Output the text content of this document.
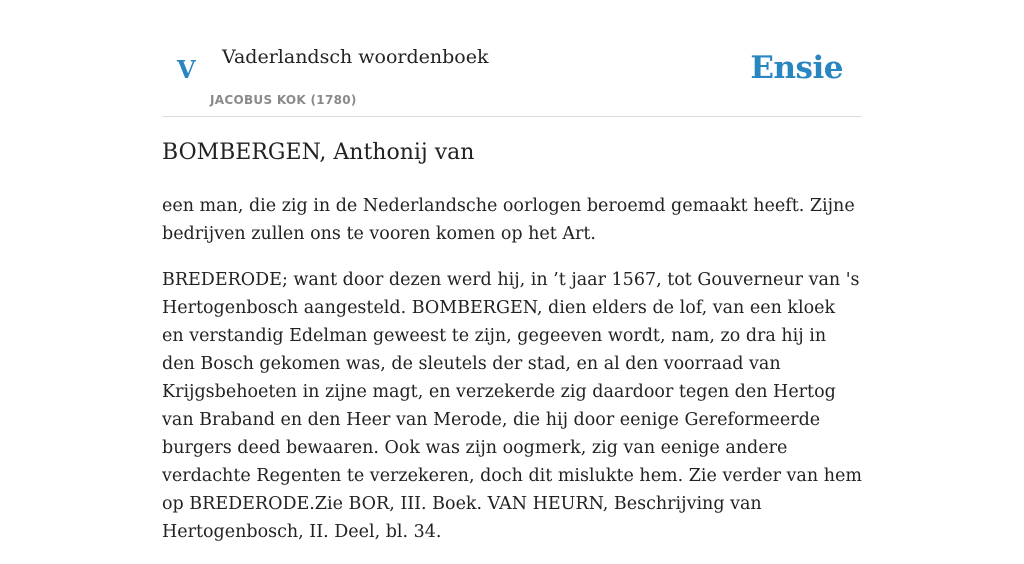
V Vaderlandsch woordenboek
JACOBUS KOK (1780)
Ensie
BOMBERGEN, Anthonij van

een man, die zig in de Nederlandsche oorlogen beroemd gemaakt heeft. Zijne bedrijven zullen ons te vooren komen op het Art.

BREDERODE; want door dezen werd hij, in ’t jaar 1567, tot Gouverneur van 's Hertogenbosch aangesteld. BOMBERGEN, dien elders de lof, van een kloek en verstandig Edelman geweest te zijn, gegeeven wordt, nam, zo dra hij in den Bosch gekomen was, de sleutels der stad, en al den voorraad van Krijgsbehoeten in zijne magt, en verzekerde zig daardoor tegen den Hertog van Braband en den Heer van Merode, die hij door eenige Gereformeerde burgers deed bewaaren. Ook was zijn oogmerk, zig van eenige andere verdachte Regenten te verzekeren, doch dit mislukte hem. Zie verder van hem op BREDERODE.Zie BOR, III. Boek. VAN HEURN, Beschrijving van Hertogenbosch, II. Deel, bl. 34.
